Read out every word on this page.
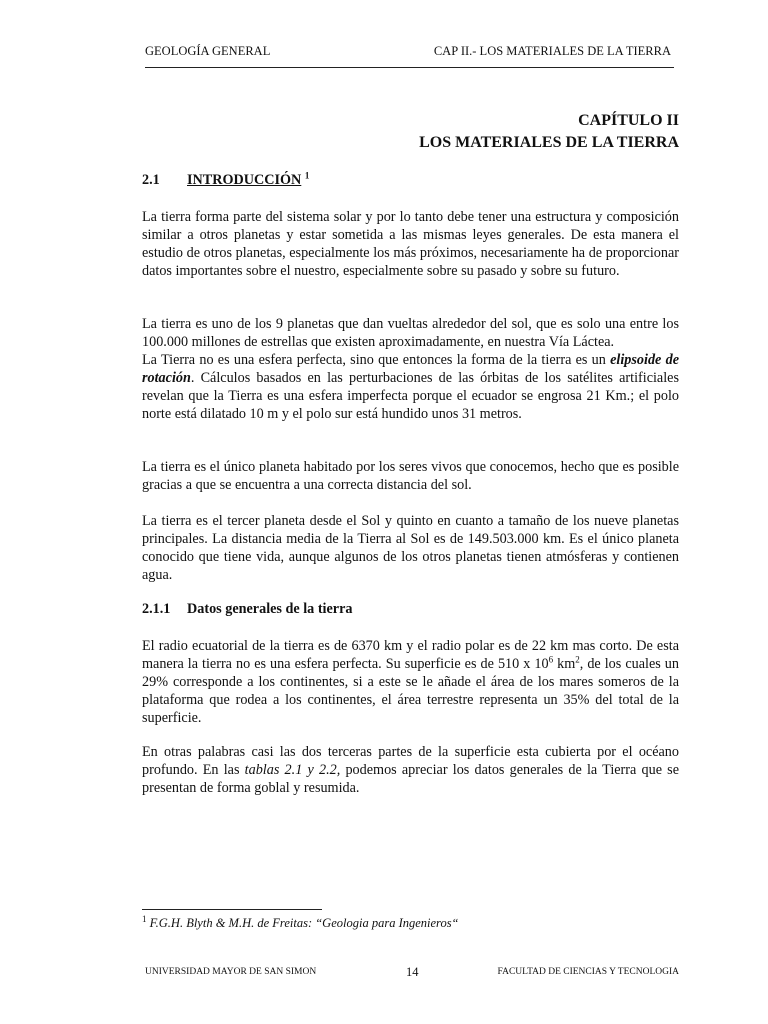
GEOLOGÍA GENERAL	CAP II.- LOS MATERIALES DE LA TIERRA
CAPÍTULO II
LOS MATERIALES DE LA TIERRA
2.1 INTRODUCCIÓN $^1$

La tierra forma parte del sistema solar y por lo tanto debe tener una estructura y composición similar a otros planetas y estar sometida a las mismas leyes generales. De esta manera el estudio de otros planetas, especialmente los más próximos, necesariamente ha de proporcionar datos importantes sobre el nuestro, especialmente sobre su pasado y sobre su futuro.

La tierra es uno de los 9 planetas que dan vueltas alrededor del sol, que es solo una entre los 100.000 millones de estrellas que existen aproximadamente, en nuestra Vía Láctea.

La Tierra no es una esfera perfecta, sino que entonces la forma de la tierra es un elipsoide de rotación. Cálculos basados en las perturbaciones de las órbitas de los satélites artificiales revelan que la Tierra es una esfera imperfecta porque el ecuador se engrosa 21 Km.; el polo norte está dilatado 10 m y el polo sur está hundido unos 31 metros.

La tierra es el único planeta habitado por los seres vivos que conocemos, hecho que es posible gracias a que se encuentra a una correcta distancia del sol.

La tierra es el tercer planeta desde el Sol y quinto en cuanto a tamaño de los nueve planetas principales. La distancia media de la Tierra al Sol es de 149.503.000 km. Es el único planeta conocido que tiene vida, aunque algunos de los otros planetas tienen atmósferas y contienen agua.

2.1.1 Datos generales de la tierra

El radio ecuatorial de la tierra es de 6370 km y el radio polar es de 22 km mas corto. De esta manera la tierra no es una esfera perfecta. Su superficie es de 510 x $10^6$ $km^2$, de los cuales un 29% corresponde a los continentes, si a este se le añade el área de los mares someros de la plataforma que rodea a los continentes, el área terrestre representa un 35% del total de la superficie.

En otras palabras casi las dos terceras partes de la superficie esta cubierta por el océano profundo. En las tablas 2.1 y 2.2, podemos apreciar los datos generales de la Tierra que se presentan de forma goblal y resumida.

$^1$ F.G.H. Blyth & M.H. de Freitas: “Geologia para Ingenieros“
UNIVERSIDAD MAYOR DE SAN SIMON	14	FACULTAD DE CIENCIAS Y TECNOLOGIA
